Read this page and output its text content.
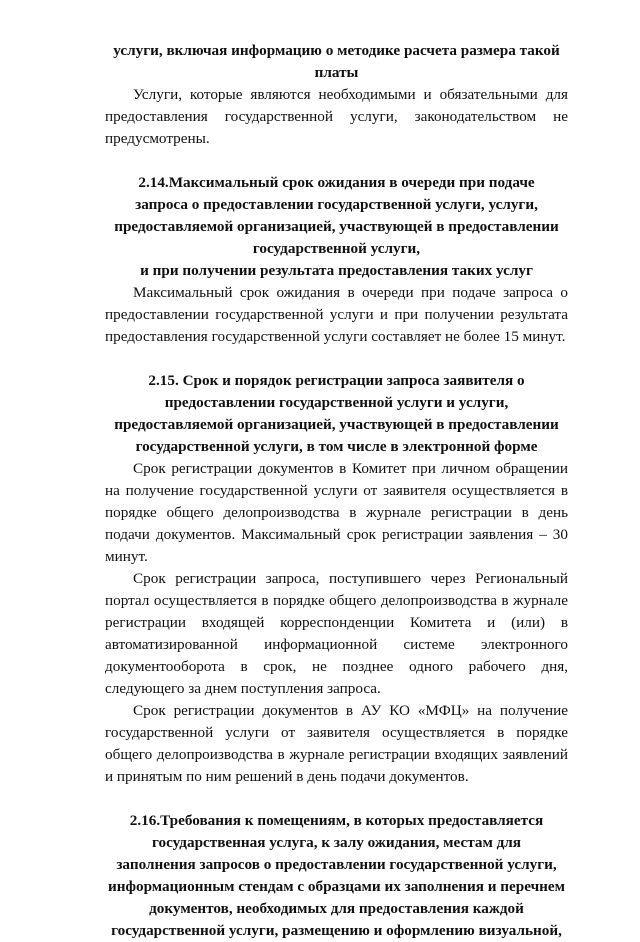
услуги, включая информацию о методике расчета размера такой
платы

Услуги, которые являются необходимыми и обязательными для предоставления государственной услуги, законодательством не предусмотрены.

2.14.Максимальный срок ожидания в очереди при подаче
запроса о предоставлении государственной услуги, услуги,
предоставляемой организацией, участвующей в предоставлении
государственной услуги,
и при получении результата предоставления таких услуг

Максимальный срок ожидания в очереди при подаче запроса о предоставлении государственной услуги и при получении результата предоставления государственной услуги составляет не более 15 минут.

2.15. Срок и порядок регистрации запроса заявителя о
предоставлении государственной услуги и услуги,
предоставляемой организацией, участвующей в предоставлении
государственной услуги, в том числе в электронной форме

Срок регистрации документов в Комитет при личном обращении на получение государственной услуги от заявителя осуществляется в порядке общего делопроизводства в журнале регистрации в день подачи документов. Максимальный срок регистрации заявления – 30 минут.

Срок регистрации запроса, поступившего через Региональный портал осуществляется в порядке общего делопроизводства в журнале регистрации входящей корреспонденции Комитета и (или) в автоматизированной информационной системе электронного документооборота в срок, не позднее одного рабочего дня, следующего за днем поступления запроса.

Срок регистрации документов в АУ КО «МФЦ» на получение государственной услуги от заявителя осуществляется в порядке общего делопроизводства в журнале регистрации входящих заявлений и принятым по ним решений в день подачи документов.

2.16.Требования к помещениям, в которых предоставляется
государственная услуга, к залу ожидания, местам для
заполнения запросов о предоставлении государственной услуги,
информационным стендам с образцами их заполнения и перечнем
документов, необходимых для предоставления каждой
государственной услуги, размещению и оформлению визуальной,
